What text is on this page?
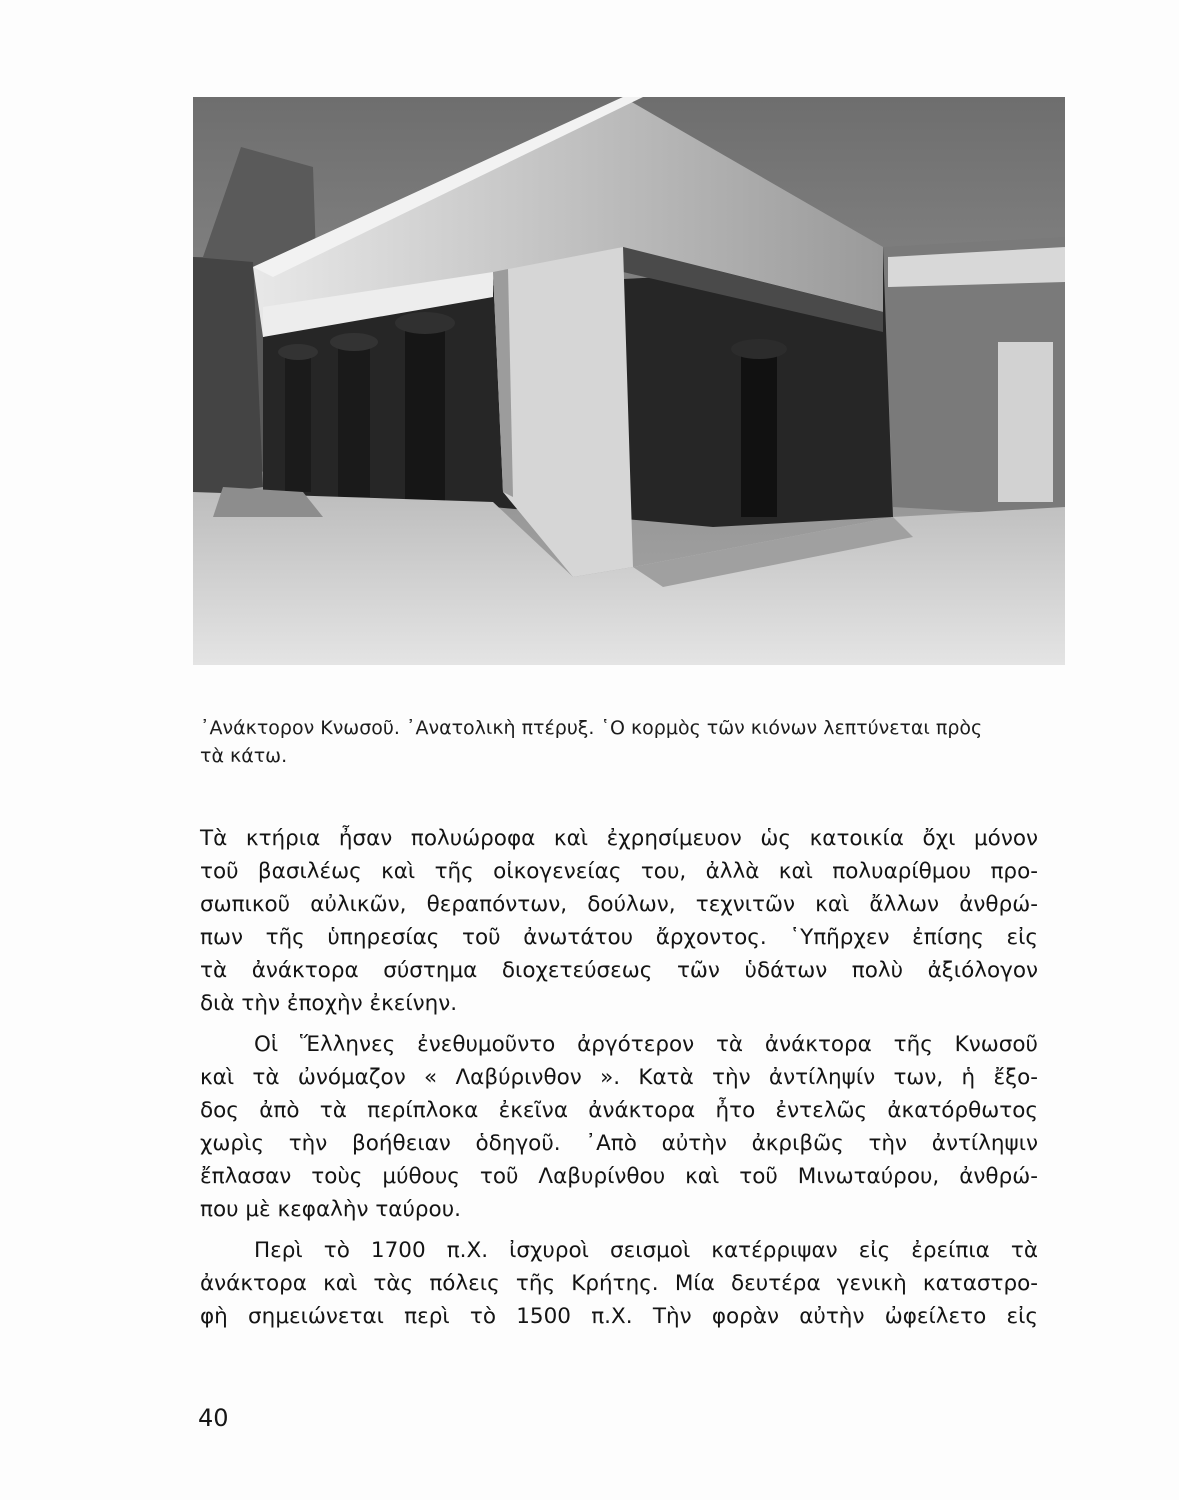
᾿Ανάκτορον Κνωσοῦ. ᾿Ανατολικὴ πτέρυξ. ῾Ο κορμὸς τῶν κιόνων λεπτύνεται πρὸς

τὰ κάτω.

Τὰ κτήρια ἦσαν πολυώροφα καὶ ἐχρησίμευον ὡς κατοικία ὄχι μόνον
τοῦ βασιλέως καὶ τῆς οἰκογενείας του, ἀλλὰ καὶ πολυαρίθμου προ-
σωπικοῦ αὐλικῶν, θεραπόντων, δούλων, τεχνιτῶν καὶ ἄλλων ἀνθρώ-
πων τῆς ὑπηρεσίας τοῦ ἀνωτάτου ἄρχοντος. ῾Υπῆρχεν ἐπίσης εἰς
τὰ ἀνάκτορα σύστημα διοχετεύσεως τῶν ὑδάτων πολὺ ἀξιόλογον
διὰ τὴν ἐποχὴν ἐκείνην.
Οἱ Ἕλληνες ἐνεθυμοῦντο ἀργότερον τὰ ἀνάκτορα τῆς Κνωσοῦ
καὶ τὰ ὠνόμαζον « Λαβύρινθον ». Κατὰ τὴν ἀντίληψίν των, ἡ ἔξο-
δος ἀπὸ τὰ περίπλοκα ἐκεῖνα ἀνάκτορα ἦτο ἐντελῶς ἀκατόρθωτος
χωρὶς τὴν βοήθειαν ὁδηγοῦ. ᾿Απὸ αὐτὴν ἀκριβῶς τὴν ἀντίληψιν
ἔπλασαν τοὺς μύθους τοῦ Λαβυρίνθου καὶ τοῦ Μινωταύρου, ἀνθρώ-
που μὲ κεφαλὴν ταύρου.
Περὶ τὸ 1700 π.Χ. ἰσχυροὶ σεισμοὶ κατέρριψαν εἰς ἐρείπια τὰ
ἀνάκτορα καὶ τὰς πόλεις τῆς Κρήτης. Μία δευτέρα γενικὴ καταστρο-
φὴ σημειώνεται περὶ τὸ 1500 π.Χ. Τὴν φορὰν αὐτὴν ὠφείλετο εἰς
40
